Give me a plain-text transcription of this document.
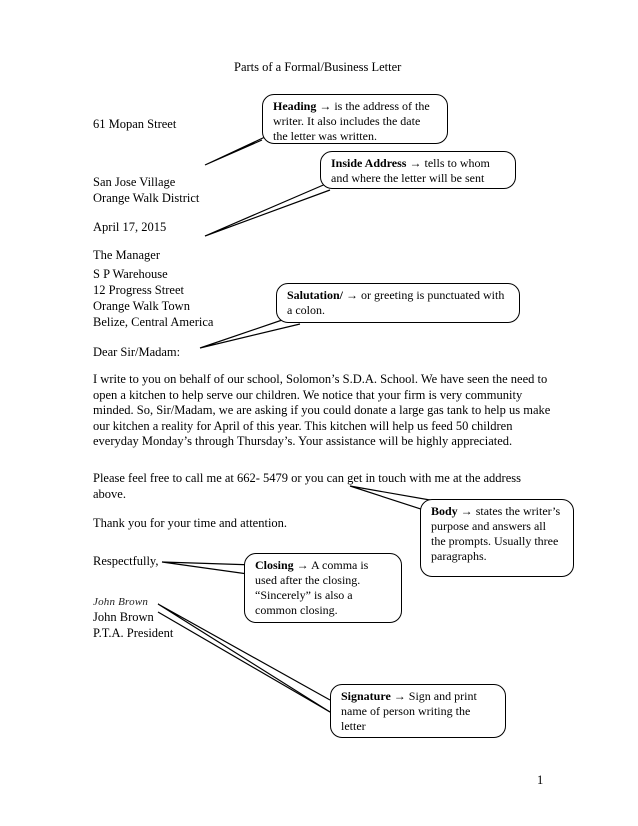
Parts of a Formal/Business Letter
61 Mopan Street
San Jose Village
Orange Walk District
April 17, 2015
The Manager
S P Warehouse
12 Progress Street
Orange Walk Town
Belize, Central America
Dear Sir/Madam:
I write to you on behalf of our school, Solomon’s S.D.A. School. We have seen the need to open a kitchen to help serve our children. We notice that your firm is very community minded. So, Sir/Madam, we are asking if you could donate a large gas tank to help us make our kitchen a reality for April of this year. This kitchen will help us feed 50 children everyday Monday’s through Thursday’s. Your assistance will be highly appreciated.
Please feel free to call me at 662- 5479 or you can get in touch with me at the address above.
Thank you for your time and attention.
Respectfully,
John Brown
John Brown
P.T.A. President
Heading → is the address of the writer. It also includes the date the letter was written.
Inside Address → tells to whom and where the letter will be sent
Salutation/ → or greeting is punctuated with a colon.
Body → states the writer’s purpose and answers all the prompts. Usually three paragraphs.
Closing → A comma is used after the closing. “Sincerely” is also a common closing.
Signature → Sign and print name of person writing the letter
1
